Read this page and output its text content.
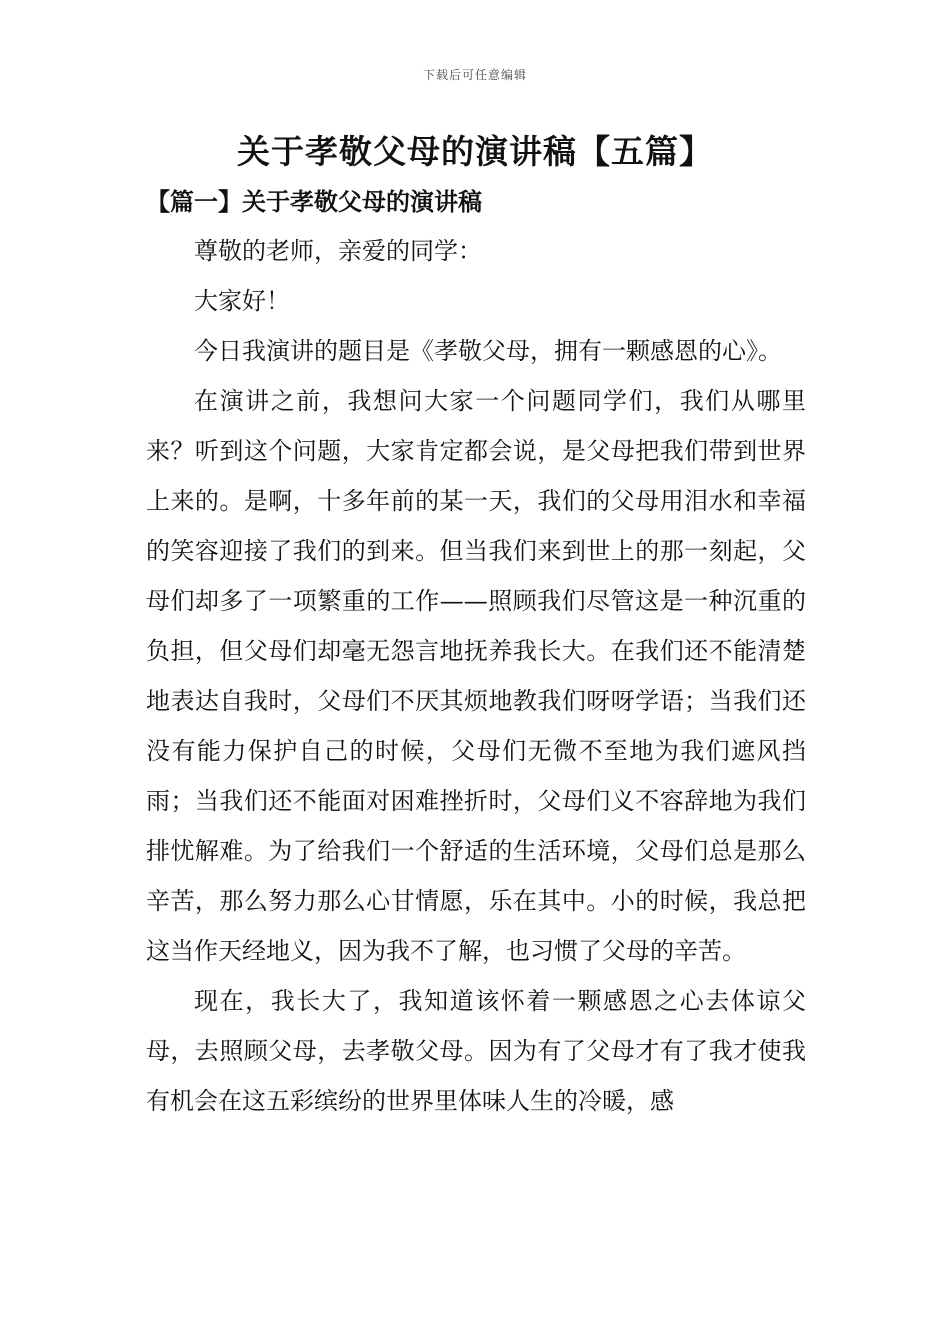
下载后可任意编辑
关于孝敬父母的演讲稿【五篇】
【篇一】关于孝敬父母的演讲稿

尊敬的老师，亲爱的同学：

大家好！

今日我演讲的题目是《孝敬父母，拥有一颗感恩的心》。

在演讲之前，我想问大家一个问题同学们，我们从哪里来？听到这个问题，大家肯定都会说，是父母把我们带到世界上来的。是啊，十多年前的某一天，我们的父母用泪水和幸福的笑容迎接了我们的到来。但当我们来到世上的那一刻起，父母们却多了一项繁重的工作——照顾我们尽管这是一种沉重的负担，但父母们却毫无怨言地抚养我长大。在我们还不能清楚地表达自我时，父母们不厌其烦地教我们呀呀学语；当我们还没有能力保护自己的时候，父母们无微不至地为我们遮风挡雨；当我们还不能面对困难挫折时，父母们义不容辞地为我们排忧解难。为了给我们一个舒适的生活环境，父母们总是那么辛苦，那么努力那么心甘情愿，乐在其中。小的时候，我总把这当作天经地义，因为我不了解，也习惯了父母的辛苦。

现在，我长大了，我知道该怀着一颗感恩之心去体谅父母，去照顾父母，去孝敬父母。因为有了父母才有了我才使我有机会在这五彩缤纷的世界里体味人生的冷暖，感
